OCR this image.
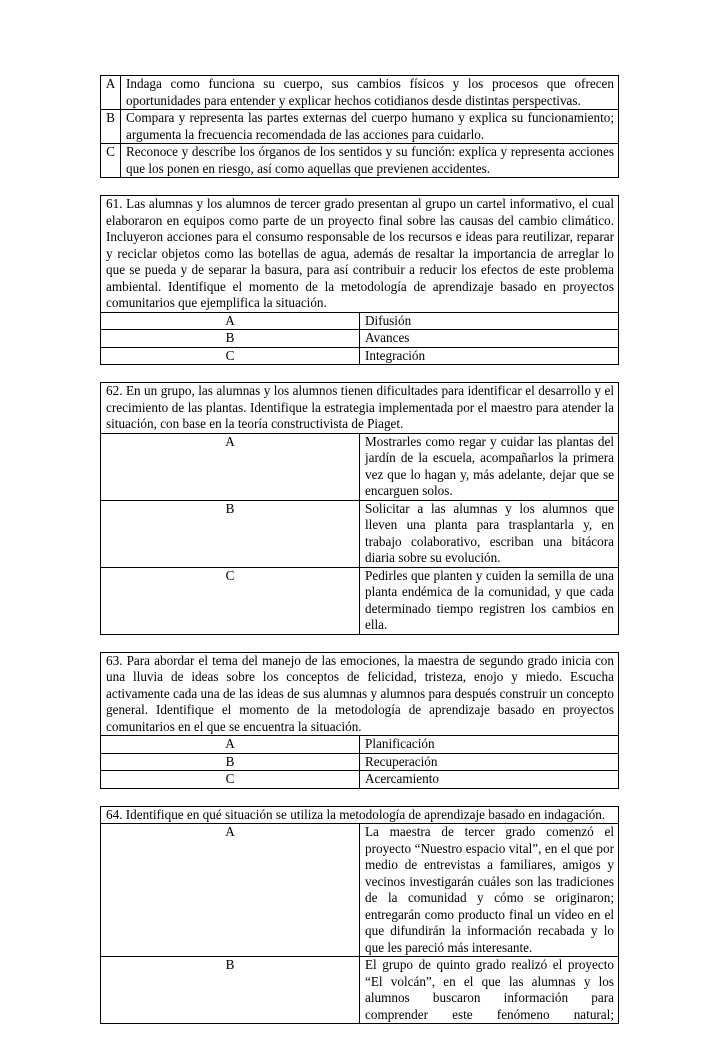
A	Indaga como funciona su cuerpo, sus cambios físicos y los procesos que ofrecen oportunidades para entender y explicar hechos cotidianos desde distintas perspectivas.
B	Compara y representa las partes externas del cuerpo humano y explica su funcionamiento; argumenta la frecuencia recomendada de las acciones para cuidarlo.
C	Reconoce y describe los órganos de los sentidos y su función: explica y representa acciones que los ponen en riesgo, así como aquellas que previenen accidentes.
61. Las alumnas y los alumnos de tercer grado presentan al grupo un cartel informativo, el cual elaboraron en equipos como parte de un proyecto final sobre las causas del cambio climático. Incluyeron acciones para el consumo responsable de los recursos e ideas para reutilizar, reparar y reciclar objetos como las botellas de agua, además de resaltar la importancia de arreglar lo que se pueda y de separar la basura, para así contribuir a reducir los efectos de este problema ambiental. Identifique el momento de la metodología de aprendizaje basado en proyectos comunitarios que ejemplifica la situación.	
A	Difusión
B	Avances
C	Integración
62. En un grupo, las alumnas y los alumnos tienen dificultades para identificar el desarrollo y el crecimiento de las plantas. Identifique la estrategia implementada por el maestro para atender la situación, con base en la teoría constructivista de Piaget.	
A	Mostrarles como regar y cuidar las plantas del jardín de la escuela, acompañarlos la primera vez que lo hagan y, más adelante, dejar que se encarguen solos.
B	Solicitar a las alumnas y los alumnos que lleven una planta para trasplantarla y, en trabajo colaborativo, escriban una bitácora diaria sobre su evolución.
C	Pedirles que planten y cuiden la semilla de una planta endémica de la comunidad, y que cada determinado tiempo registren los cambios en ella.
63. Para abordar el tema del manejo de las emociones, la maestra de segundo grado inicia con una lluvia de ideas sobre los conceptos de felicidad, tristeza, enojo y miedo. Escucha activamente cada una de las ideas de sus alumnas y alumnos para después construir un concepto general. Identifique el momento de la metodología de aprendizaje basado en proyectos comunitarios en el que se encuentra la situación.	
A	Planificación
B	Recuperación
C	Acercamiento
64. Identifique en qué situación se utiliza la metodología de aprendizaje basado en indagación.	
A	La maestra de tercer grado comenzó el proyecto “Nuestro espacio vital”, en el que por medio de entrevistas a familiares, amigos y vecinos investigarán cuáles son las tradiciones de la comunidad y cómo se originaron; entregarán como producto final un vídeo en el que difundirán la información recabada y lo que les pareció más interesante.
B	El grupo de quinto grado realizó el proyecto “El volcán”, en el que las alumnas y los alumnos buscaron información para comprender este fenómeno natural;
